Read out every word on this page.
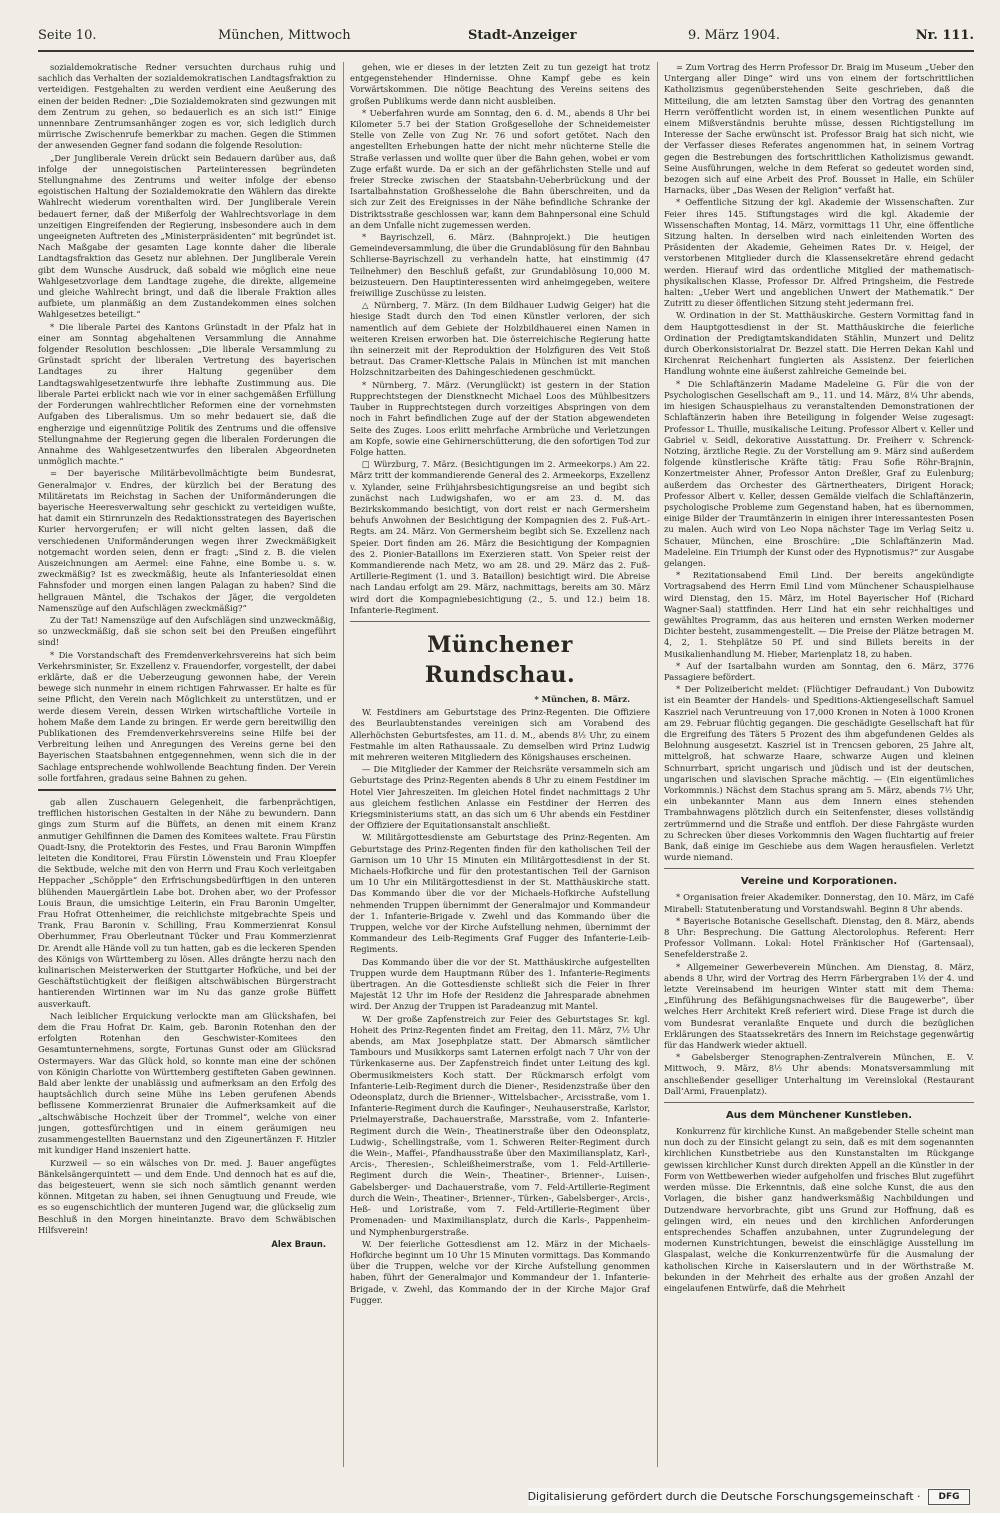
Seite 10.	München, Mittwoch	Stadt-Anzeiger	9. März 1904.	Nr. 111.

sozialdemokratische Redner versuchten durchaus ruhig und sachlich das Verhalten der sozialdemokratischen Landtagsfraktion zu verteidigen. Festgehalten zu werden verdient eine Aeußerung des einen der beiden Redner: „Die Sozialdemokraten sind gezwungen mit dem Zentrum zu gehen, so bedauerlich es an sich ist!“ Einige unnennbare Zentrumsanhänger zogen es vor, sich lediglich durch mürrische Zwischenrufe bemerkbar zu machen. Gegen die Stimmen der anwesenden Gegner fand sodann die folgende Resolution:

„Der Jungliberale Verein drückt sein Bedauern darüber aus, daß infolge der unnegoistischen Parteiinteressen begründeten Stellungnahme des Zentrums und weiter infolge der ebenso egoistischen Haltung der Sozialdemokratie den Wählern das direkte Wahlrecht wiederum vorenthalten wird. Der Jungliberale Verein bedauert ferner, daß der Mißerfolg der Wahlrechtsvorlage in dem unzeitigen Eingreifenden der Regierung, insbesondere auch in dem ungeeigneten Auftreten des „Ministerpräsidenten“ mit begründet ist. Nach Maßgabe der gesamten Lage konnte daher die liberale Landtagsfraktion das Gesetz nur ablehnen. Der Jungliberale Verein gibt dem Wunsche Ausdruck, daß sobald wie möglich eine neue Wahlgesetzvorlage dem Landtage zugehe, die direkte, allgemeine und gleiche Wahlrecht bringt, und daß die liberale Fraktion alles aufbiete, um planmäßig an dem Zustandekommen eines solchen Wahlgesetzes beteiligt.“

* Die liberale Partei des Kantons Grünstadt in der Pfalz hat in einer am Sonntag abgehaltenen Versammlung die Annahme folgender Resolution beschlossen: „Die liberale Versammlung zu Grünstadt spricht der liberalen Vertretung des bayerischen Landtages zu ihrer Haltung gegenüber dem Landtagswahlgesetzentwurfe ihre lebhafte Zustimmung aus. Die liberale Partei erblickt nach wie vor in einer sachgemäßen Erfüllung der Forderungen wahlrechtlicher Reformen eine der vornehmsten Aufgaben des Liberalismus. Um so mehr bedauert sie, daß die engherzige und eigennützige Politik des Zentrums und die offensive Stellungnahme der Regierung gegen die liberalen Forderungen die Annahme des Wahlgesetzentwurfes den liberalen Abgeordneten unmöglich machte.“

= Der bayerische Militärbevollmächtigte beim Bundesrat, Generalmajor v. Endres, der kürzlich bei der Beratung des Militäretats im Reichstag in Sachen der Uniformänderungen die bayerische Heeresverwaltung sehr geschickt zu verteidigen wußte, hat damit ein Stirnrunzeln des Redaktionsstrategen des Bayerischen Kurier hervorgerufen; er will nicht gelten lassen, daß die verschiedenen Uniformänderungen wegen ihrer Zweckmäßigkeit notgemacht worden seien, denn er fragt: „Sind z. B. die vielen Auszeichnungen am Aermel: eine Fahne, eine Bombe u. s. w. zweckmäßig? Ist es zweckmäßig, heute als Infanteriesoldat einen Fahnsfoder und morgen einen langen Palagan zu haben? Sind die hellgrauen Mäntel, die Tschakos der Jäger, die vergoldeten Namenszüge auf den Aufschlägen zweckmäßig?“

Zu der Tat! Namenszüge auf den Aufschlägen sind unzweckmäßig, so unzweckmäßig, daß sie schon seit bei den Preußen eingeführt sind!

* Die Vorstandschaft des Fremdenverkehrsvereins hat sich beim Verkehrsminister, Sr. Exzellenz v. Frauendorfer, vorgestellt, der dabei erklärte, daß er die Ueberzeugung gewonnen habe, der Verein bewege sich nunmehr in einem richtigen Fahrwasser. Er halte es für seine Pflicht, den Verein nach Möglichkeit zu unterstützen, und er werde diesem Verein, dessen Wirken wirtschaftliche Vorteile in hohem Maße dem Lande zu bringen. Er werde gern bereitwillig den Publikationen des Fremdenverkehrsvereins seine Hilfe bei der Verbreitung leihen und Anregungen des Vereins gerne bei den Bayerischen Staatsbahnen entgegennehmen, wenn sich die in der Sachlage entsprechende wohlwollende Beachtung finden. Der Verein solle fortfahren, gradaus seine Bahnen zu gehen.

gab allen Zuschauern Gelegenheit, die farbenprächtigen, trefflichen historischen Gestalten in der Nähe zu bewundern. Dann gings zum Sturm auf die Büffets, an denen mit einem Kranz anmutiger Gehilfinnen die Damen des Komitees waltete. Frau Fürstin Quadt-Isny, die Protektorin des Festes, und Frau Baronin Wimpffen leiteten die Konditorei, Frau Fürstin Löwenstein und Frau Kloepfer die Sektbude, welche mit den von Herrn und Frau Koch verleitgaben Heppacher „Schöpple“ den Erfrischungsbedürftigen in den unteren blühenden Mauergärtlein Labe bot. Drohen aber, wo der Professor Louis Braun, die umsichtige Leiterin, ein Frau Baronin Umgelter, Frau Hofrat Ottenheimer, die reichlichste mitgebrachte Speis und Trank, Frau Baronin v. Schilling, Frau Kommerzienrat Konsul Oberhummer, Frau Oberleutnant Tücker und Frau Kommerzienrat Dr. Arendt alle Hände voll zu tun hatten, gab es die leckeren Spenden des Königs von Württemberg zu lösen. Alles drängte herzu nach den kulinarischen Meisterwerken der Stuttgarter Hofküche, und bei der Geschäftstüchtigkeit der fleißigen altschwäbischen Bürgerstracht hantierenden Wirtinnen war im Nu das ganze große Büffett ausverkauft.

Nach leiblicher Erquickung verlockte man am Glückshafen, bei dem die Frau Hofrat Dr. Kaim, geb. Baronin Rotenhan den der erfolgten Rotenhan den Geschwister-Komitees den Gesamtunternehmens, sorgte, Fortunas Gunst oder am Glücksrad Ostermayers. War das Glück hold, so konnte man eine der schönen von Königin Charlotte von Württemberg gestifteten Gaben gewinnen. Bald aber lenkte der unablässig und aufmerksam an den Erfolg des hauptsächlich durch seine Mühe ins Leben gerufenen Abends beflissene Kommerzienrat Brunaier die Aufmerksamkeit auf die „altschwäbische Hochzeit über der Trommel“, welche von einer jungen, gottesfürchtigen und in einem geräumigen neu zusammengestellten Bauernstanz und den Zigeunertänzen F. Hitzler mit kundiger Hand inszeniert hatte.

Kurzweil — so ein wälsches von Dr. med. J. Bauer angefügtes Bänkelsängerquintett — und dem Ende. Und dennoch hat es auf die, das beigesteuert, wenn sie sich noch sämtlich genannt werden können. Mitgetan zu haben, sei ihnen Genugtuung und Freude, wie es so eugenschichtlich der munteren Jugend war, die glückselig zum Beschluß in den Morgen hineintanzte. Bravo dem Schwäbischen Hilfsverein!

Alex Braun.

gehen, wie er dieses in der letzten Zeit zu tun gezeigt hat trotz entgegenstehender Hindernisse. Ohne Kampf gebe es kein Vorwärtskommen. Die nötige Beachtung des Vereins seitens des großen Publikums werde dann nicht ausbleiben.

* Ueberfahren wurde am Sonntag, den 6. d. M., abends 8 Uhr bei Kilometer 5.7 bei der Station Großgesellohe der Schneidemeister Stelle von Zelle von Zug Nr. 76 und sofort getötet. Nach den angestellten Erhebungen hatte der nicht mehr nüchterne Stelle die Straße verlassen und wollte quer über die Bahn gehen, wobei er vom Zuge erfaßt wurde. Da er sich an der gefährlichsten Stelle und auf freier Strecke zwischen der Staatsbahn-Ueberbrückung und der Isartalbahnstation Großhesselohe die Bahn überschreiten, und da sich zur Zeit des Ereignisses in der Nähe befindliche Schranke der Distriktsstraße geschlossen war, kann dem Bahnpersonal eine Schuld an dem Unfalle nicht zugemessen werden.

* Bayrischzell, 6. März. (Bahnprojekt.) Die heutigen Gemeindeversammlung, die über die Grundablösung für den Bahnbau Schlierse-Bayrischzell zu verhandeln hatte, hat einstimmig (47 Teilnehmer) den Beschluß gefaßt, zur Grundablösung 10,000 M. beizusteuern. Den Hauptinteressenten wird anheimgegeben, weitere freiwillige Zuschüsse zu leisten.

△ Nürnberg, 7. März. (In dem Bildhauer Ludwig Geiger) hat die hiesige Stadt durch den Tod einen Künstler verloren, der sich namentlich auf dem Gebiete der Holzbildhauerei einen Namen in weiteren Kreisen erworben hat. Die österreichische Regierung hatte ihn seinerzeit mit der Reproduktion der Holzfiguren des Veit Stoß betraut. Das Cramer-Klettsche Palais in München ist mit manchen Holzschnitzarbeiten des Dahingeschiedenen geschmückt.

* Nürnberg, 7. März. (Verunglückt) ist gestern in der Station Rupprechtstegen der Dienstknecht Michael Loos des Mühlbesitzers Tauber in Rupprechtstegen durch vorzeitiges Abspringen von dem noch in Fahrt befindlichen Zuge auf der der Station abgewendeten Seite des Zuges. Loos erlitt mehrfache Armbrüche und Verletzungen am Kopfe, sowie eine Gehirnerschütterung, die den sofortigen Tod zur Folge hatten.

□ Würzburg, 7. März. (Besichtigungen im 2. Armeekorps.) Am 22. März tritt der kommandierende General des 2. Armeekorps, Exzellenz v. Xylander, seine Frühjahrsbesichtigungsreise an und begibt sich zunächst nach Ludwigshafen, wo er am 23. d. M. das Bezirkskommando besichtigt, von dort reist er nach Germersheim behufs Anwohnen der Besichtigung der Kompagnien des 2. Fuß-Art.-Regts. am 24. März. Von Germersheim begibt sich Se. Exzellenz nach Speier. Dort finden am 26. März die Besichtigung der Kompagnien des 2. Pionier-Bataillons im Exerzieren statt. Von Speier reist der Kommandierende nach Metz, wo am 28. und 29. März das 2. Fuß-Artillerie-Regiment (1. und 3. Bataillon) besichtigt wird. Die Abreise nach Landau erfolgt am 29. März, nachmittags, bereits am 30. März wird dort die Kompagniebesichtigung (2., 5. und 12.) beim 18. Infanterie-Regiment.

Münchener Rundschau.
* München, 8. März.

W. Festdiners am Geburtstage des Prinz-Regenten. Die Offiziere des Beurlaubtenstandes vereinigen sich am Vorabend des Allerhöchsten Geburtsfestes, am 11. d. M., abends 8½ Uhr, zu einem Festmahle im alten Rathaussaale. Zu demselben wird Prinz Ludwig mit mehreren weiteren Mitgliedern des Königshauses erscheinen.

— Die Mitglieder der Kammer der Reichsräte versammeln sich am Geburtstage des Prinz-Regenten abends 8 Uhr zu einem Festdiner im Hotel Vier Jahreszeiten. Im gleichen Hotel findet nachmittags 2 Uhr aus gleichem festlichen Anlasse ein Festdiner der Herren des Kriegsministeriums statt, an das sich um 6 Uhr abends ein Festdiner der Offiziere der Equitationsanstalt anschließt.

W. Militärgottesdienste am Geburtstage des Prinz-Regenten. Am Geburtstage des Prinz-Regenten finden für den katholischen Teil der Garnison um 10 Uhr 15 Minuten ein Militärgottesdienst in der St. Michaels-Hofkirche und für den protestantischen Teil der Garnison um 10 Uhr ein Militärgottesdienst in der St. Matthäuskirche statt. Das Kommando über die vor der Michaels-Hofkirche Aufstellung nehmenden Truppen übernimmt der Generalmajor und Kommandeur der 1. Infanterie-Brigade v. Zwehl und das Kommando über die Truppen, welche vor der Kirche Aufstellung nehmen, übernimmt der Kommandeur des Leib-Regiments Graf Fugger des Infanterie-Leib-Regiments.

Das Kommando über die vor der St. Matthäuskirche aufgestellten Truppen wurde dem Hauptmann Rüber des 1. Infanterie-Regiments übertragen. An die Gottesdienste schließt sich die Feier in Ihrer Majestät 12 Uhr im Hofe der Residenz die Jahresparade abnehmen wird. Der Anzug der Truppen ist Paradeanzug mit Mantel.

W. Der große Zapfenstreich zur Feier des Geburtstages Sr. kgl. Hoheit des Prinz-Regenten findet am Freitag, den 11. März, 7½ Uhr abends, am Max Josephplatze statt. Der Abmarsch sämtlicher Tambours und Musikkorps samt Laternen erfolgt nach 7 Uhr von der Türkenkaserne aus. Der Zapfenstreich findet unter Leitung des kgl. Obermusikmeisters Koch statt. Der Rückmarsch erfolgt vom Infanterie-Leib-Regiment durch die Diener-, Residenzstraße über den Odeonsplatz, durch die Brienner-, Wittelsbacher-, Arcisstraße, vom 1. Infanterie-Regiment durch die Kaufinger-, Neuhauserstraße, Karlstor, Prielmayerstraße, Dachauerstraße, Marsstraße, vom 2. Infanterie-Regiment durch die Wein-, Theatinerstraße über den Odeonsplatz, Ludwig-, Schellingstraße, vom 1. Schweren Reiter-Regiment durch die Wein-, Maffei-, Pfandhausstraße über den Maximiliansplatz, Karl-, Arcis-, Theresien-, Schleißheimerstraße, vom 1. Feld-Artillerie-Regiment durch die Wein-, Theatiner-, Brienner-, Luisen-, Gabelsberger- und Dachauerstraße, vom 7. Feld-Artillerie-Regiment durch die Wein-, Theatiner-, Brienner-, Türken-, Gabelsberger-, Arcis-, Heß- und Loristraße, vom 7. Feld-Artillerie-Regiment über Promenaden- und Maximiliansplatz, durch die Karls-, Pappenheim- und Nymphenburgerstraße.

W. Der feierliche Gottesdienst am 12. März in der Michaels-Hofkirche beginnt um 10 Uhr 15 Minuten vormittags. Das Kommando über die Truppen, welche vor der Kirche Aufstellung genommen haben, führt der Generalmajor und Kommandeur der 1. Infanterie-Brigade, v. Zwehl, das Kommando der in der Kirche Major Graf Fugger.

= Zum Vortrag des Herrn Professor Dr. Braig im Museum „Ueber den Untergang aller Dinge“ wird uns von einem der fortschrittlichen Katholizismus gegenüberstehenden Seite geschrieben, daß die Mitteilung, die am letzten Samstag über den Vortrag des genannten Herrn veröffentlicht worden ist, in einem wesentlichen Punkte auf einem Mißverständnis beruhte müsse, dessen Richtigstellung im Interesse der Sache erwünscht ist. Professor Braig hat sich nicht, wie der Verfasser dieses Referates angenommen hat, in seinem Vortrag gegen die Bestrebungen des fortschrittlichen Katholizismus gewandt. Seine Ausführungen, welche in dem Referat so gedeutet worden sind, bezogen sich auf eine Arbeit des Prof. Bousset in Halle, ein Schüler Harnacks, über „Das Wesen der Religion“ verfaßt hat.

* Oeffentliche Sitzung der kgl. Akademie der Wissenschaften. Zur Feier ihres 145. Stiftungstages wird die kgl. Akademie der Wissenschaften Montag, 14. März, vormittags 11 Uhr, eine öffentliche Sitzung halten. In derselben wird nach einleitenden Worten des Präsidenten der Akademie, Geheimen Rates Dr. v. Heigel, der verstorbenen Mitglieder durch die Klassensekretäre ehrend gedacht werden. Hierauf wird das ordentliche Mitglied der mathematisch-physikalischen Klasse, Professor Dr. Alfred Pringsheim, die Festrede halten: „Ueber Wert und angeblichen Unwert der Mathematik.“ Der Zutritt zu dieser öffentlichen Sitzung steht jedermann frei.

W. Ordination in der St. Matthäuskirche. Gestern Vormittag fand in dem Hauptgottesdienst in der St. Matthäuskirche die feierliche Ordination der Predigtamtskandidaten Stählin, Munzert und Delitz durch Oberkonsistorialrat Dr. Bezzel statt. Die Herren Dekan Kahl und Kirchenrat Reichenhart fungierten als Assistenz. Der feierlichen Handlung wohnte eine äußerst zahlreiche Gemeinde bei.

* Die Schlaftänzerin Madame Madeleine G. Für die von der Psychologischen Gesellschaft am 9., 11. und 14. März, 8¼ Uhr abends, im hiesigen Schauspielhaus zu veranstaltenden Demonstrationen der Schlaftänzerin haben ihre Beteiligung in folgender Weise zugesagt: Professor L. Thuille, musikalische Leitung. Professor Albert v. Keller und Gabriel v. Seidl, dekorative Ausstattung. Dr. Freiherr v. Schrenck-Notzing, ärztliche Regie. Zu der Vorstellung am 9. März sind außerdem folgende künstlerische Kräfte tätig: Frau Sofie Röhr-Brajnin, Konzertmeister Ahner, Professor Anton Dreßler, Graf zu Eulenburg; außerdem das Orchester des Gärtnertheaters, Dirigent Horack; Professor Albert v. Keller, dessen Gemälde vielfach die Schlaftänzerin, psychologische Probleme zum Gegenstand haben, hat es übernommen, einige Bilder der Traumtänzerin in einigen ihrer interessantesten Posen zu malen. Auch wird von Leo Nopa nächster Tage im Verlag Seitz u. Schauer, München, eine Broschüre: „Die Schlaftänzerin Mad. Madeleine. Ein Triumph der Kunst oder des Hypnotismus?“ zur Ausgabe gelangen.

* Rezitationsabend Emil Lind. Der bereits angekündigte Vortragsabend des Herrn Emil Lind vom Münchener Schauspielhause wird Dienstag, den 15. März, im Hotel Bayerischer Hof (Richard Wagner-Saal) stattfinden. Herr Lind hat ein sehr reichhaltiges und gewähltes Programm, das aus heiteren und ernsten Werken moderner Dichter besteht, zusammengestellt. — Die Preise der Plätze betragen M. 4, 2, 1. Stehplätze 50 Pf. und sind Billets bereits in der Musikalienhandlung M. Hieber, Marienplatz 18, zu haben.

* Auf der Isartalbahn wurden am Sonntag, den 6. März, 3776 Passagiere befördert.

* Der Polizeibericht meldet: (Flüchtiger Defraudant.) Von Dubowitz ist ein Beamter der Handels- und Speditions-Aktiengesellschaft Samuel Kaszriel nach Veruntreuung von 17,000 Kronen in Noten à 1000 Kronen am 29. Februar flüchtig gegangen. Die geschädigte Gesellschaft hat für die Ergreifung des Täters 5 Prozent des ihm abgefundenen Geldes als Belohnung ausgesetzt. Kaszriel ist in Trencsen geboren, 25 Jahre alt, mittelgroß, hat schwarze Haare, schwarze Augen und kleinen Schnurrbart, spricht ungarisch und jüdisch und ist der deutschen, ungarischen und slavischen Sprache mächtig. — (Ein eigentümliches Vorkommnis.) Nächst dem Stachus sprang am 5. März, abends 7½ Uhr, ein unbekannter Mann aus dem Innern eines stehenden Trambahnwagens plötzlich durch ein Seitenfenster, dieses vollständig zertrümmernd und die Straße und entfloh. Der diese Fahrgäste wurden zu Schrecken über dieses Vorkommnis den Wagen fluchtartig auf freier Bank, daß einige im Geschiebe aus dem Wagen herausfielen. Verletzt wurde niemand.

Vereine und Korporationen.

* Organisation freier Akademiker. Donnerstag, den 10. März, im Café Mirabell: Statutenberatung und Vorstandswahl. Beginn 8 Uhr abends.

* Bayerische Botanische Gesellschaft. Dienstag, den 8. März, abends 8 Uhr: Besprechung. Die Gattung Alectorolophus. Referent: Herr Professor Vollmann. Lokal: Hotel Fränkischer Hof (Gartensaal), Senefelderstraße 2.

* Allgemeiner Gewerbeverein München. Am Dienstag, 8. März, abends 8 Uhr, wird der Vortrag des Herrn Färbergraben 1½ der 4. und letzte Vereinsabend im heurigen Winter statt mit dem Thema: „Einführung des Befähigungsnachweises für die Baugewerbe“, über welches Herr Architekt Kreß referiert wird. Diese Frage ist durch die vom Bundesrat veranlaßte Enquete und durch die bezüglichen Erklärungen des Staatssekretärs des Innern im Reichstage gegenwärtig für das Handwerk wieder aktuell.

* Gabelsberger Stenographen-Zentralverein München, E. V. Mittwoch, 9. März, 8½ Uhr abends: Monatsversammlung mit anschließender geselliger Unterhaltung im Vereinslokal (Restaurant Dall’Armi, Frauenplatz).

Aus dem Münchener Kunstleben.

Konkurrenz für kirchliche Kunst. An maßgebender Stelle scheint man nun doch zu der Einsicht gelangt zu sein, daß es mit dem sogenannten kirchlichen Kunstbetriebe aus den Kunstanstalten im Rückgange gewissen kirchlicher Kunst durch direkten Appell an die Künstler in der Form von Wettbewerben wieder aufgeholfen und frisches Blut zugeführt werden müsse. Die Erkenntnis, daß eine solche Kunst, die aus den Vorlagen, die bisher ganz handwerksmäßig Nachbildungen und Dutzendware hervorbrachte, gibt uns Grund zur Hoffnung, daß es gelingen wird, ein neues und den kirchlichen Anforderungen entsprechendes Schaffen anzubahnen, unter Zugrundelegung der modernen Kunstrichtungen, beweist die einschlägige Ausstellung im Glaspalast, welche die Konkurrenzentwürfe für die Ausmalung der katholischen Kirche in Kaiserslautern und in der Wörthstraße M. bekunden in der Mehrheit des erhalte aus der großen Anzahl der eingelaufenen Entwürfe, daß die Mehrheit

Digitalisierung gefördert durch die Deutsche Forschungsgemeinschaft · DFG
